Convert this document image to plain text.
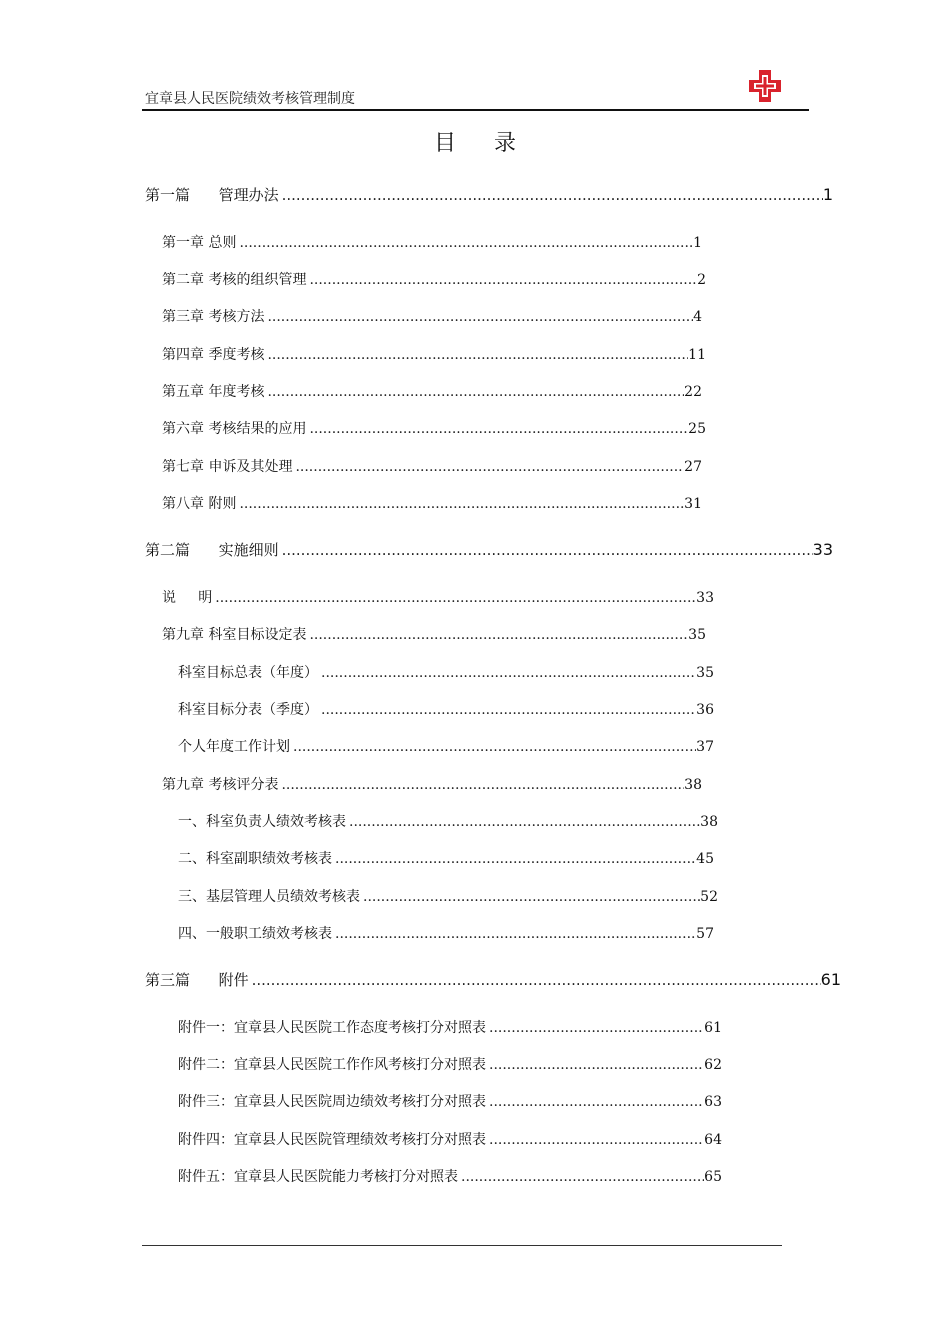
宜章县人民医院绩效考核管理制度
目录
第一篇      管理办法 .....	1
第一章 总则 .....	1
第二章 考核的组织管理 .....	2
第三章 考核方法 .....	4
第四章 季度考核 .....	11
第五章 年度考核 .....	22
第六章 考核结果的应用 .....	25
第七章 申诉及其处理 .....	27
第八章 附则 .....	31
第二篇      实施细则 .....	33
说     明 .....	33
第九章 科室目标设定表 .....	35
科室目标总表（年度） .....	35
科室目标分表（季度） .....	36
个人年度工作计划 .....	37
第九章 考核评分表 .....	38
一、科室负责人绩效考核表 .....	38
二、科室副职绩效考核表 .....	45
三、基层管理人员绩效考核表 .....	52
四、一般职工绩效考核表 .....	57
第三篇      附件 .....	61
附件一：宜章县人民医院工作态度考核打分对照表 .....	61
附件二：宜章县人民医院工作作风考核打分对照表 .....	62
附件三：宜章县人民医院周边绩效考核打分对照表 .....	63
附件四：宜章县人民医院管理绩效考核打分对照表 .....	64
附件五：宜章县人民医院能力考核打分对照表 .....	65
